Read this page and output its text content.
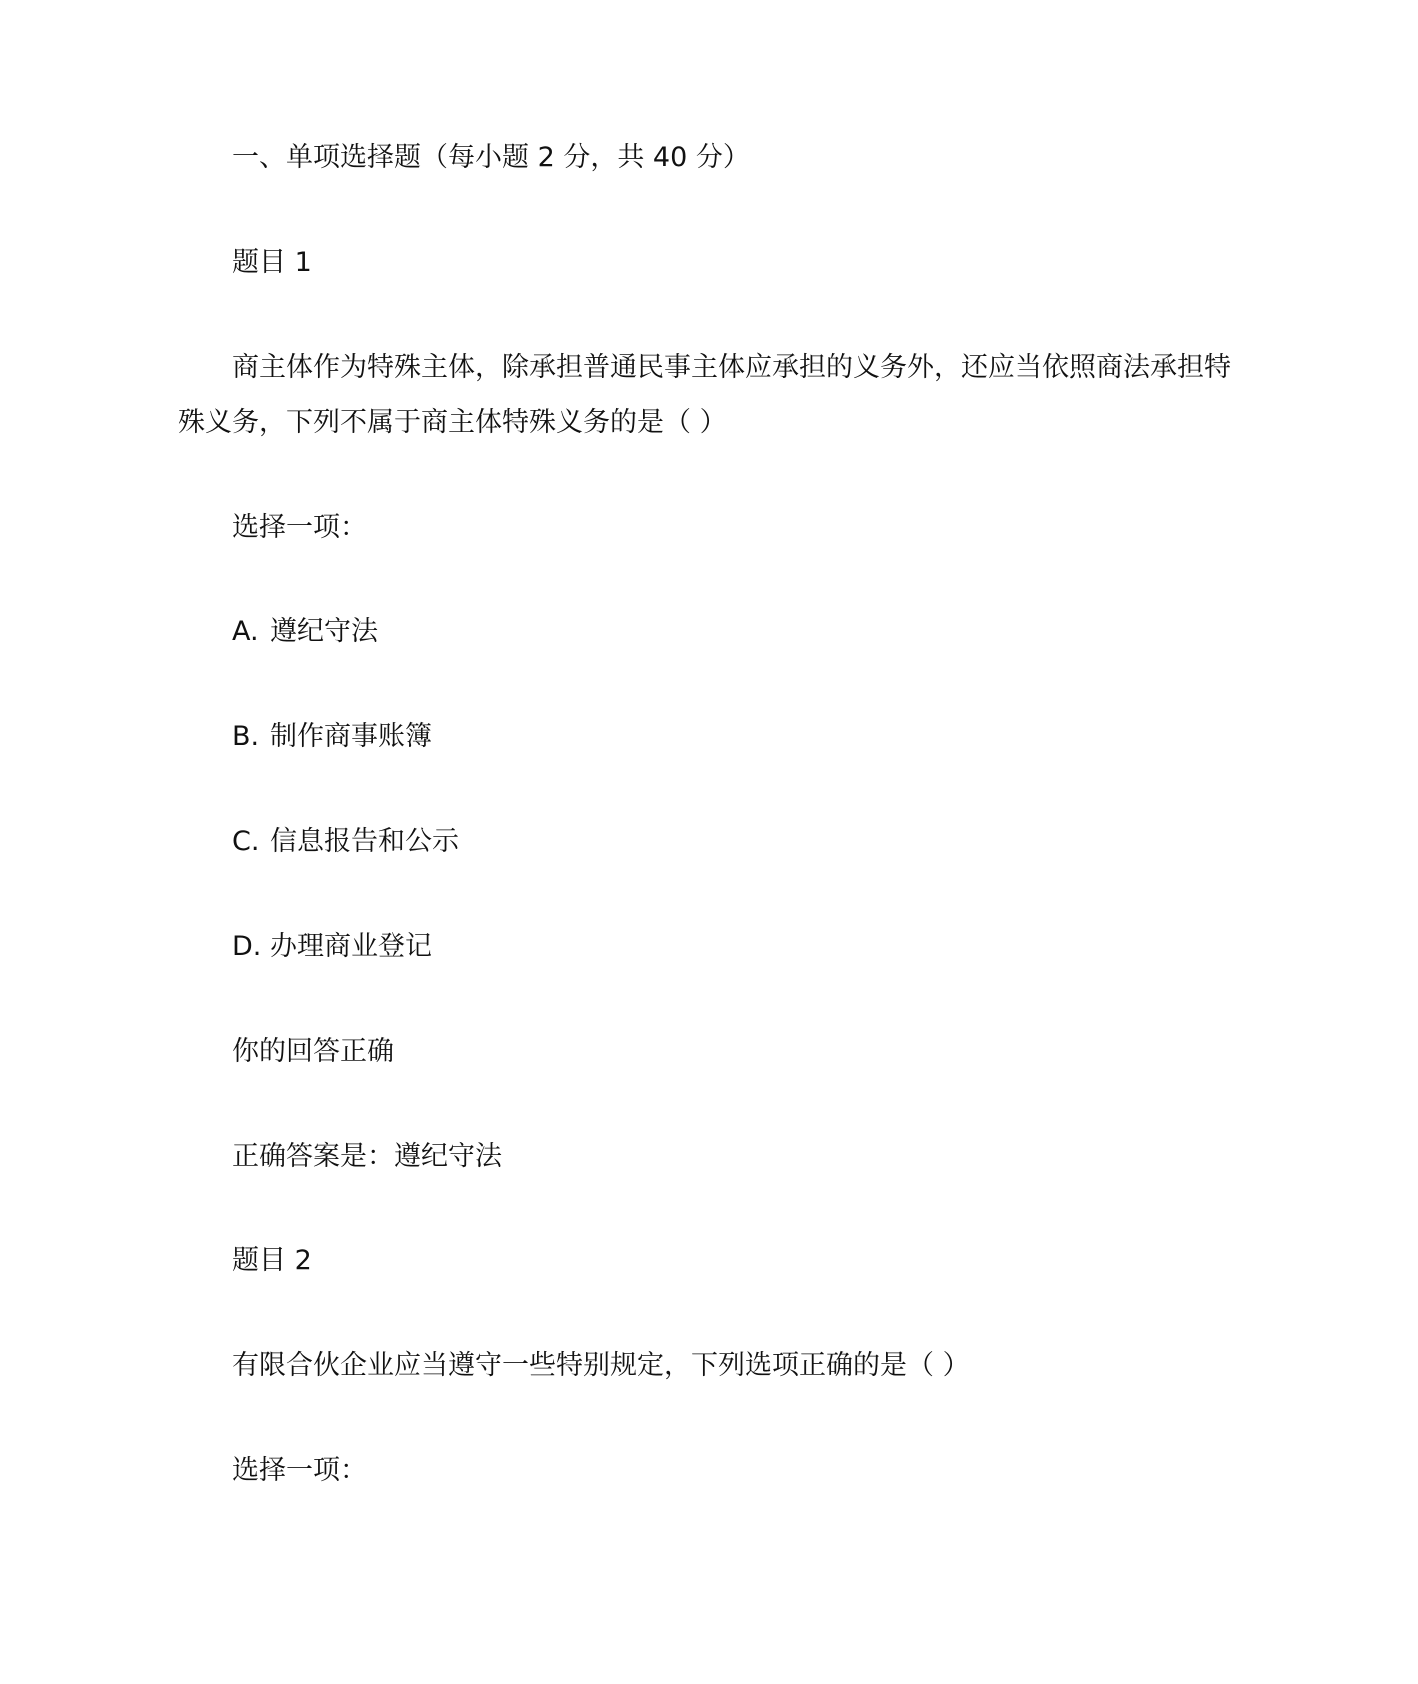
一、单项选择题（每小题 2 分，共 40 分）
题目 1
商主体作为特殊主体，除承担普通民事主体应承担的义务外，还应当依照商法承担特
殊义务，下列不属于商主体特殊义务的是（ ）
选择一项：
A. 遵纪守法
B. 制作商事账簿
C. 信息报告和公示
D. 办理商业登记
你的回答正确
正确答案是：遵纪守法
题目 2
有限合伙企业应当遵守一些特别规定，下列选项正确的是（ ）
选择一项：
